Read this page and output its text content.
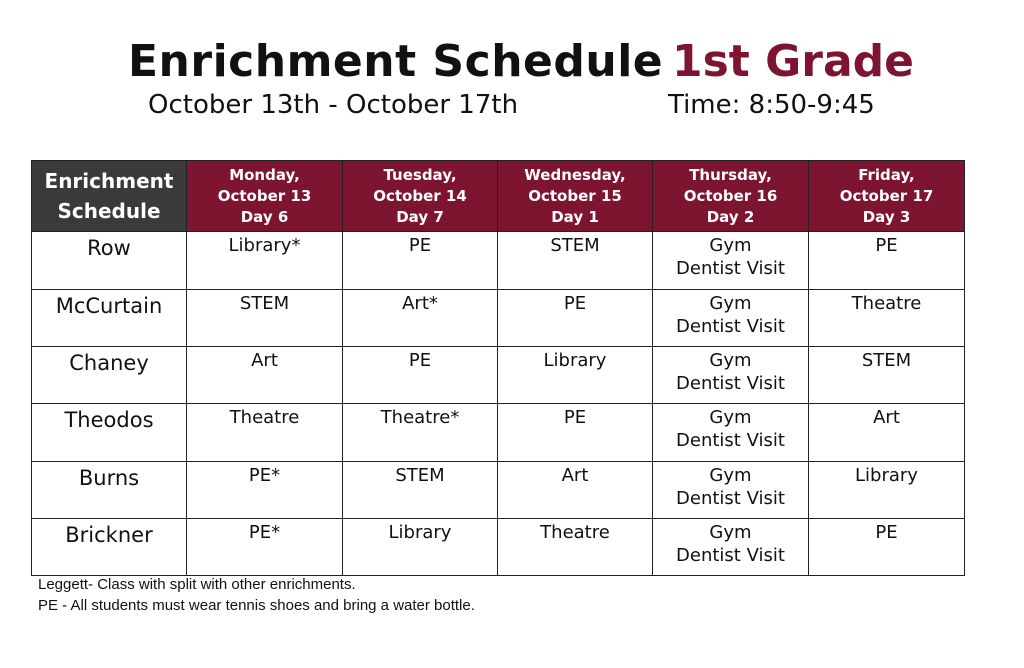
Enrichment Schedule 1st Grade
October 13th - October 17th	Time: 8:50-9:45
Enrichment
Schedule	Monday,
October 13
Day 6	Tuesday,
October 14
Day 7	Wednesday,
October 15
Day 1	Thursday,
October 16
Day 2	Friday,
October 17
Day 3

Row	Library*	PE	STEM	Gym
Dentist Visit	PE

McCurtain	STEM	Art*	PE	Gym
Dentist Visit	Theatre

Chaney	Art	PE	Library	Gym
Dentist Visit	STEM

Theodos	Theatre	Theatre*	PE	Gym
Dentist Visit	Art

Burns	PE*	STEM	Art	Gym
Dentist Visit	Library

Brickner	PE*	Library	Theatre	Gym
Dentist Visit	PE
Leggett- Class with split with other enrichments.
PE - All students must wear tennis shoes and bring a water bottle.
